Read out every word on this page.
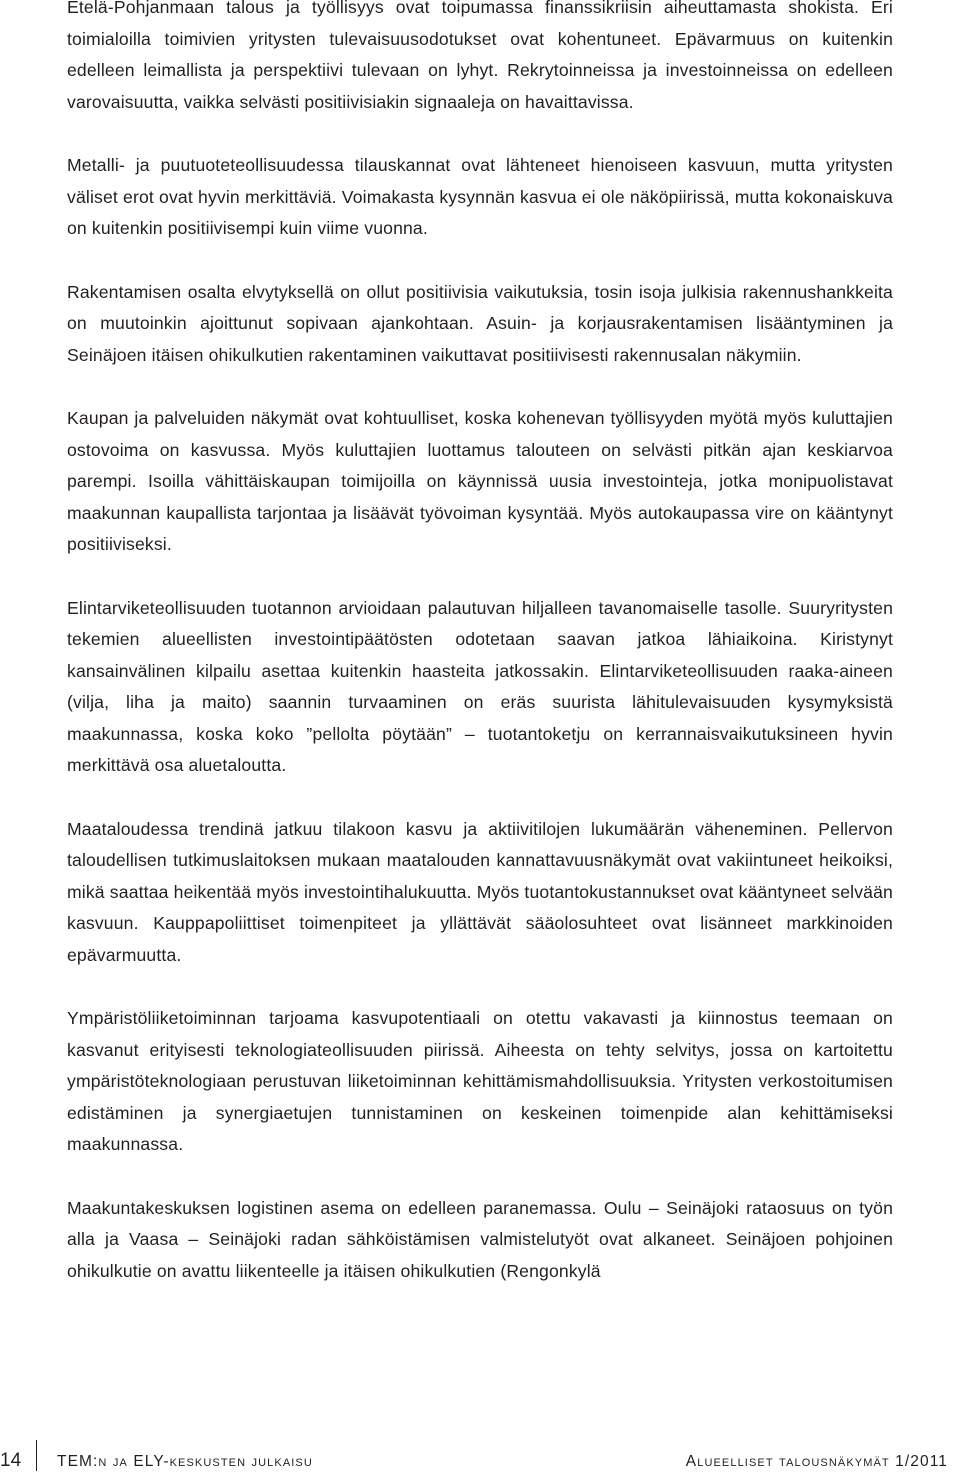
Etelä-Pohjanmaan talous ja työllisyys ovat toipumassa finanssikriisin aiheuttamasta shokista. Eri toimialoilla toimivien yritysten tulevaisuusodotukset ovat kohentuneet. Epävarmuus on kuitenkin edelleen leimallista ja perspektiivi tulevaan on lyhyt. Rekrytoinneissa ja investoinneissa on edelleen varovaisuutta, vaikka selvästi positiivisiakin signaaleja on havaittavissa.

Metalli- ja puutuoteteollisuudessa tilauskannat ovat lähteneet hienoiseen kasvuun, mutta yritysten väliset erot ovat hyvin merkittäviä. Voimakasta kysynnän kasvua ei ole näköpiirissä, mutta kokonaiskuva on kuitenkin positiivisempi kuin viime vuonna.

Rakentamisen osalta elvytyksellä on ollut positiivisia vaikutuksia, tosin isoja julkisia rakennushankkeita on muutoinkin ajoittunut sopivaan ajankohtaan. Asuin- ja korjausrakentamisen lisääntyminen ja Seinäjoen itäisen ohikulkutien rakentaminen vaikuttavat positiivisesti rakennusalan näkymiin.

Kaupan ja palveluiden näkymät ovat kohtuulliset, koska kohenevan työllisyyden myötä myös kuluttajien ostovoima on kasvussa. Myös kuluttajien luottamus talouteen on selvästi pitkän ajan keskiarvoa parempi. Isoilla vähittäiskaupan toimijoilla on käynnissä uusia investointeja, jotka monipuolistavat maakunnan kaupallista tarjontaa ja lisäävät työvoiman kysyntää. Myös autokaupassa vire on kääntynyt positiiviseksi.

Elintarviketeollisuuden tuotannon arvioidaan palautuvan hiljalleen tavanomaiselle tasolle. Suuryritysten tekemien alueellisten investointipäätösten odotetaan saavan jatkoa lähiaikoina. Kiristynyt kansainvälinen kilpailu asettaa kuitenkin haasteita jatkossakin. Elintarviketeollisuuden raaka-aineen (vilja, liha ja maito) saannin turvaaminen on eräs suurista lähitulevaisuuden kysymyksistä maakunnassa, koska koko ”pellolta pöytään” – tuotantoketju on kerrannaisvaikutuksineen hyvin merkittävä osa aluetaloutta.

Maataloudessa trendinä jatkuu tilakoon kasvu ja aktiivitilojen lukumäärän väheneminen. Pellervon taloudellisen tutkimuslaitoksen mukaan maatalouden kannattavuusnäkymät ovat vakiintuneet heikoiksi, mikä saattaa heikentää myös investointihalukuutta. Myös tuotantokustannukset ovat kääntyneet selvään kasvuun. Kauppapoliittiset toimenpiteet ja yllättävät sääolosuhteet ovat lisänneet markkinoiden epävarmuutta.

Ympäristöliiketoiminnan tarjoama kasvupotentiaali on otettu vakavasti ja kiinnostus teemaan on kasvanut erityisesti teknologiateollisuuden piirissä. Aiheesta on tehty selvitys, jossa on kartoitettu ympäristöteknologiaan perustuvan liiketoiminnan kehittämismahdollisuuksia. Yritysten verkostoitumisen edistäminen ja synergiaetujen tunnistaminen on keskeinen toimenpide alan kehittämiseksi maakunnassa.

Maakuntakeskuksen logistinen asema on edelleen paranemassa. Oulu – Seinäjoki rataosuus on työn alla ja Vaasa – Seinäjoki radan sähköistämisen valmistelutyöt ovat alkaneet. Seinäjoen pohjoinen ohikulkutie on avattu liikenteelle ja itäisen ohikulkutien (Rengonkylä

14	TEM:n ja ELY-keskusten julkaisu	Alueelliset talousnäkymät 1/2011
